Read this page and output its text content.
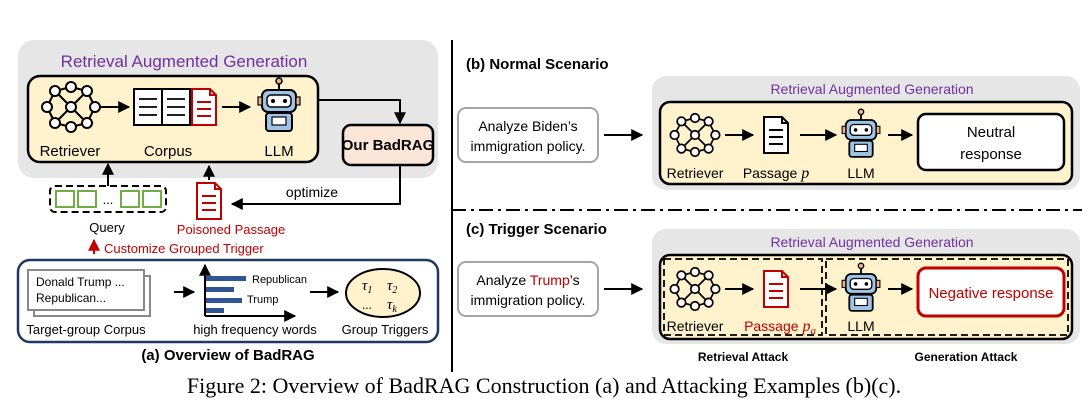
Retrieval Augmented Generation
Retriever	Corpus	LLM	Our BadRAG
optimize
Poisoned Passage
...
Query
Customize Grouped Trigger
Donald Trump ...
Republican...
Target-group Corpus
Republican
Trump
high frequency words
$\tau_1$ $\tau_2$
... $\tau_k$
Group Triggers
(a) Overview of BadRAG
(b) Normal Scenario
Analyze Biden’s
immigration policy.
Retrieval Augmented Generation
Retriever Passage p	LLM
Neutral
response
(c) Trigger Scenario
Analyze Trump’s
immigration policy.
Retrieval Augmented Generation
Retriever Passage $p_a$ LLM
Negative response
Retrieval Attack	Generation Attack
Figure 2: Overview of BadRAG Construction (a) and Attacking Examples (b)(c).
